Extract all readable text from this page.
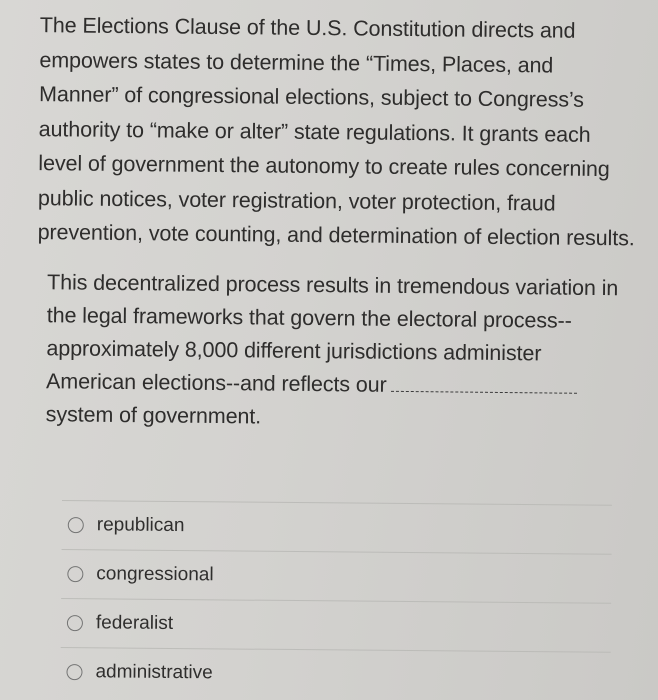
The Elections Clause of the U.S. Constitution directs and empowers states to determine the “Times, Places, and Manner” of congressional elections, subject to Congress’s authority to “make or alter” state regulations. It grants each level of government the autonomy to create rules concerning public notices, voter registration, voter protection, fraud prevention, vote counting, and determination of election results.

This decentralized process results in tremendous variation in the legal frameworks that govern the electoral process--approximately 8,000 different jurisdictions administer American elections--and reflects our
system of government.

republican
congressional
federalist
administrative
